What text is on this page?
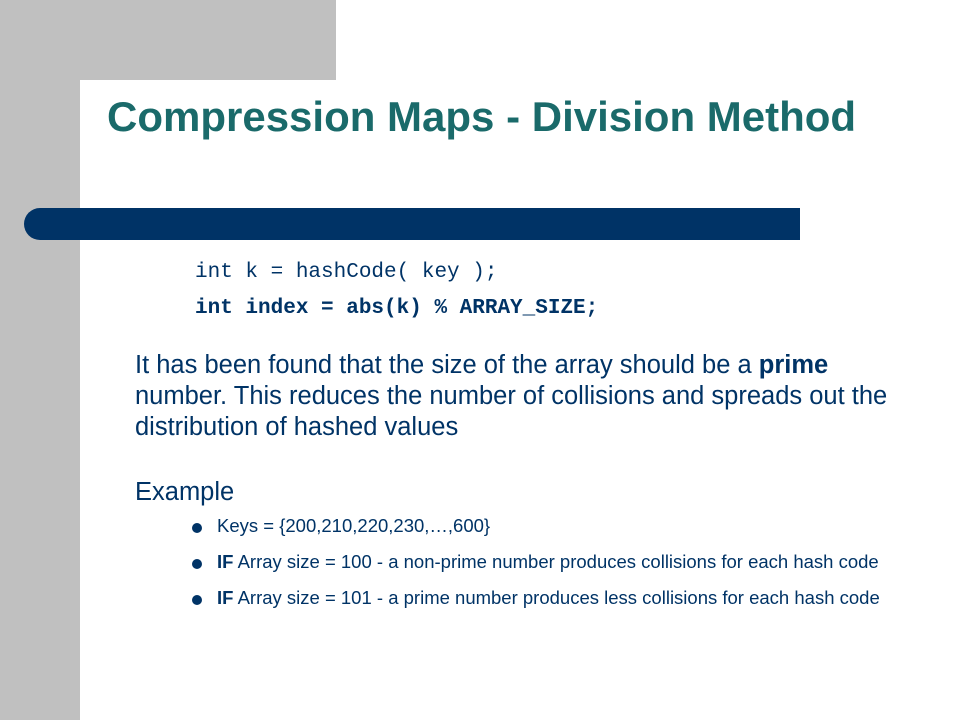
Compression Maps - Division Method
int k = hashCode( key );
int index = abs(k) % ARRAY_SIZE;

It has been found that the size of the array should be a prime number. This reduces the number of collisions and spreads out the distribution of hashed values

Example
Keys = {200,210,220,230,…,600}
IF Array size = 100 - a non-prime number produces collisions for each hash code
IF Array size = 101 - a prime number produces less collisions for each hash code
